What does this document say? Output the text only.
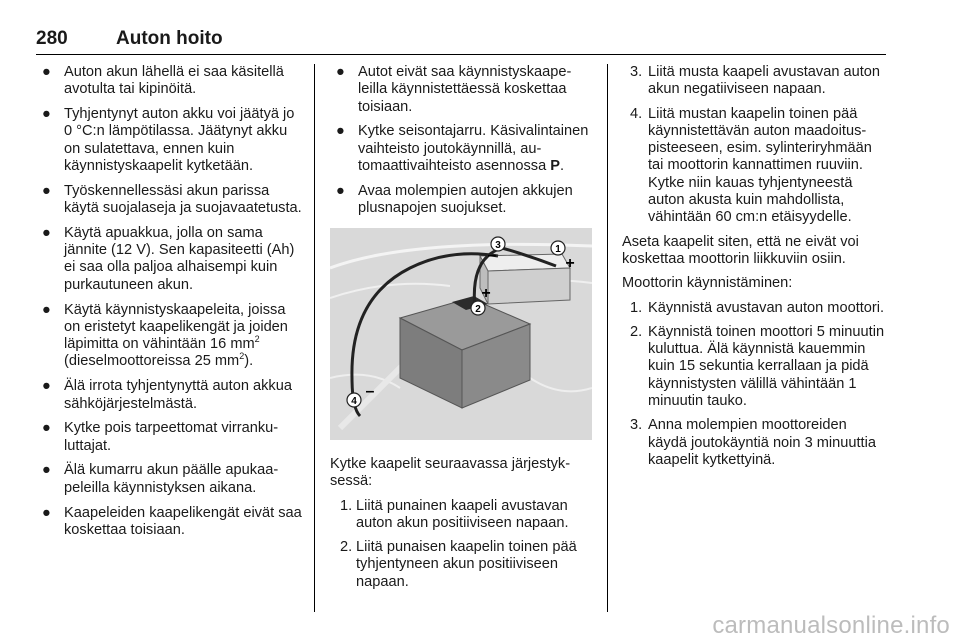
280	Auton hoito
● Auton akun lähellä ei saa käsitellä avotulta tai kipinöitä.
● Tyhjentynyt auton akku voi jäätyä jo 0 °C:n lämpötilassa. Jäätynyt akku on sulatettava, ennen kuin käynnistyskaapelit kytketään.
● Työskennellessäsi akun parissa käytä suojalaseja ja suojavaatetusta.
● Käytä apuakkua, jolla on sama jännite (12 V). Sen kapasiteetti (Ah) ei saa olla paljoa alhaisempi kuin purkautuneen akun.
● Käytä käynnistyskaapeleita, joissa on eristetyt kaapelikengät ja joiden läpimitta on vähintään 16 $mm^2$ (dieselmoottoreissa 25 $mm^2$).
● Älä irrota tyhjentynyttä auton akkua sähköjärjestelmästä.
● Kytke pois tarpeettomat virrankuluttajat.
● Älä kumarru akun päälle apukaapeleilla käynnistyksen aikana.
● Kaapeleiden kaapelikengät eivät saa koskettaa toisiaan.
● Autot eivät saa käynnistyskaapeleilla käynnistettäessä koskettaa toisiaan.
● Kytke seisontajarru. Käsivalintainen vaihteisto joutokäynnillä, automaattivaihteisto asennossa P.
● Avaa molempien autojen akkujen plusnapojen suojukset.
1
+
3
–
2
+
4
–

Kytke kaapelit seuraavassa järjestyksessä:

1. Liitä punainen kaapeli avustavan auton akun positiiviseen napaan.
2. Liitä punaisen kaapelin toinen pää tyhjentyneen akun positiiviseen napaan.
3. Liitä musta kaapeli avustavan auton akun negatiiviseen napaan.
4. Liitä mustan kaapelin toinen pää käynnistettävän auton maadoituspisteeseen, esim. sylinteriryhmään tai moottorin kannattimen ruuviin. Kytke niin kauas tyhjentyneestä auton akusta kuin mahdollista, vähintään 60 cm:n etäisyydelle.

Aseta kaapelit siten, että ne eivät voi koskettaa moottorin liikkuviin osiin.

Moottorin käynnistäminen:

1. Käynnistä avustavan auton moottori.
2. Käynnistä toinen moottori 5 minuutin kuluttua. Älä käynnistä kauemmin kuin 15 sekuntia kerrallaan ja pidä käynnistysten välillä vähintään 1 minuutin tauko.
3. Anna molempien moottoreiden käydä joutokäyntiä noin 3 minuuttia kaapelit kytkettyinä.
carmanualsonline.info
